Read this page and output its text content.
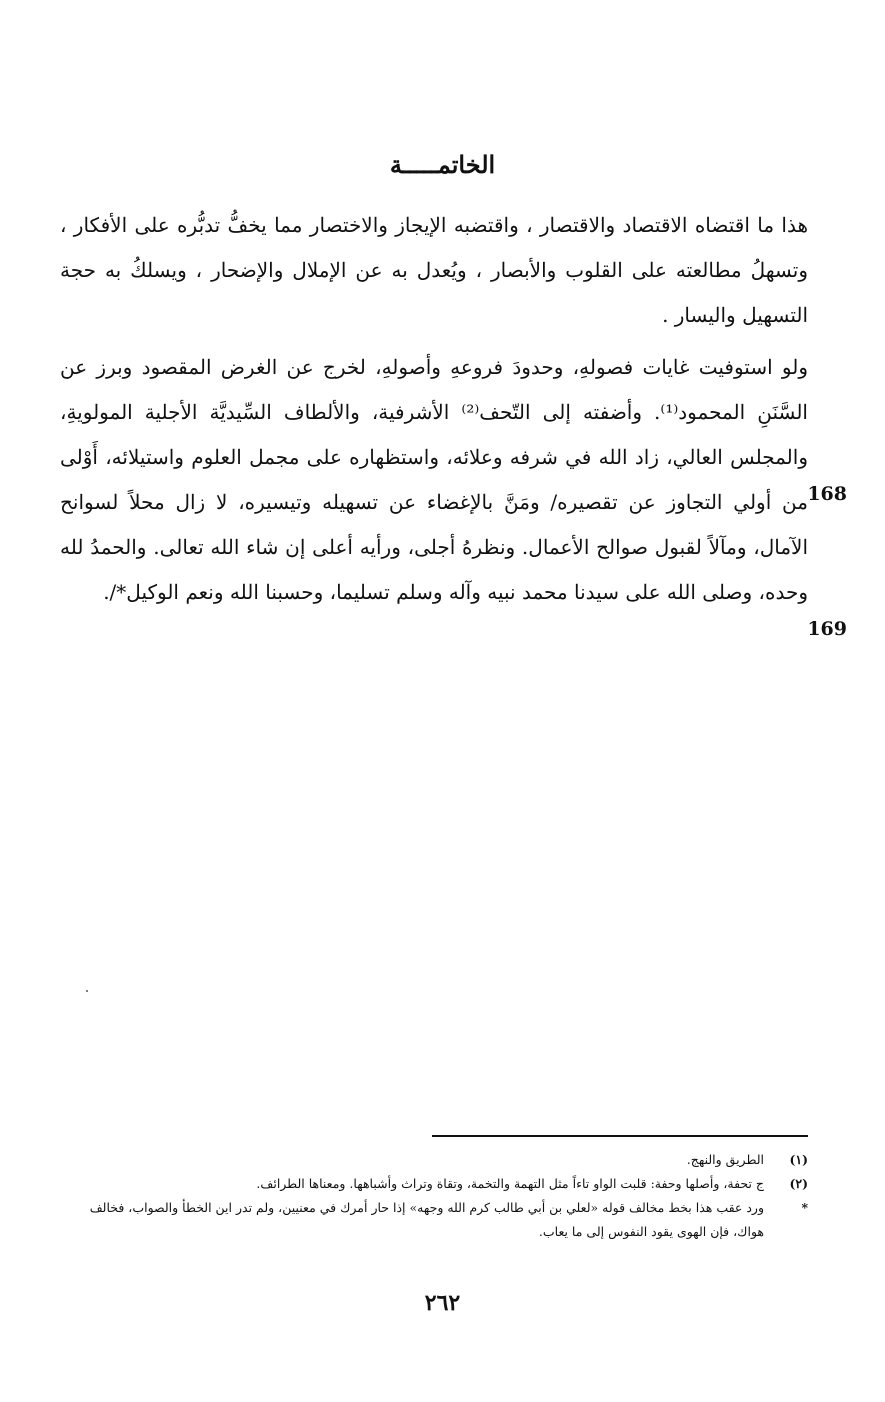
الخاتمـــــة

هذا ما اقتضاه الاقتصاد والاقتصار ، واقتضبه الإيجاز والاختصار مما يخفُّ تدبُّره على الأفكار ، وتسهلُ مطالعته على القلوب والأبصار ، ويُعدل به عن الإملال والإضحار ، ويسلكُ به حجة التسهيل واليسار .

ولو استوفيت غايات فصولهِ، وحدودَ فروعهِ وأصولهِ، لخرج عن الغرض المقصود وبرز عن السَّنَنِ المحمود⁽¹⁾. وأضفته إلى التّحف⁽²⁾ الأشرفية، والألطاف السِّيديَّة الأجلية المولويةِ، والمجلس العالي، زاد الله في شرفه وعلائه، واستظهاره على مجمل العلوم واستيلائه، أَوْلى من أولي التجاوز عن تقصيره/ ومَنَّ بالإغضاء عن تسهيله وتيسيره، لا زال محلاً لسوانح الآمال، ومآلاً لقبول صوالح الأعمال. ونظرهُ أجلى، ورأيه أعلى إن شاء الله تعالى. والحمدُ لله وحده، وصلى الله على سيدنا محمد نبيه وآله وسلم تسليما، وحسبنا الله ونعم الوكيل*/.

168
169
(١)
الطريق والنهج.
(٢)
ج تحفة، وأصلها وحفة: قلبت الواو تاءاً مثل التهمة والتخمة، وتقاة وتراث وأشباهها. ومعناها الطرائف.
*
ورد عقب هذا بخط مخالف قوله «لعلي بن أبي طالب كرم الله وجهه» إذا حار أمرك في معنيين، ولم تدر اين الخطأ والصواب، فخالف هواك، فإن الهوى يقود النفوس إلى ما يعاب.
٢٦٢
